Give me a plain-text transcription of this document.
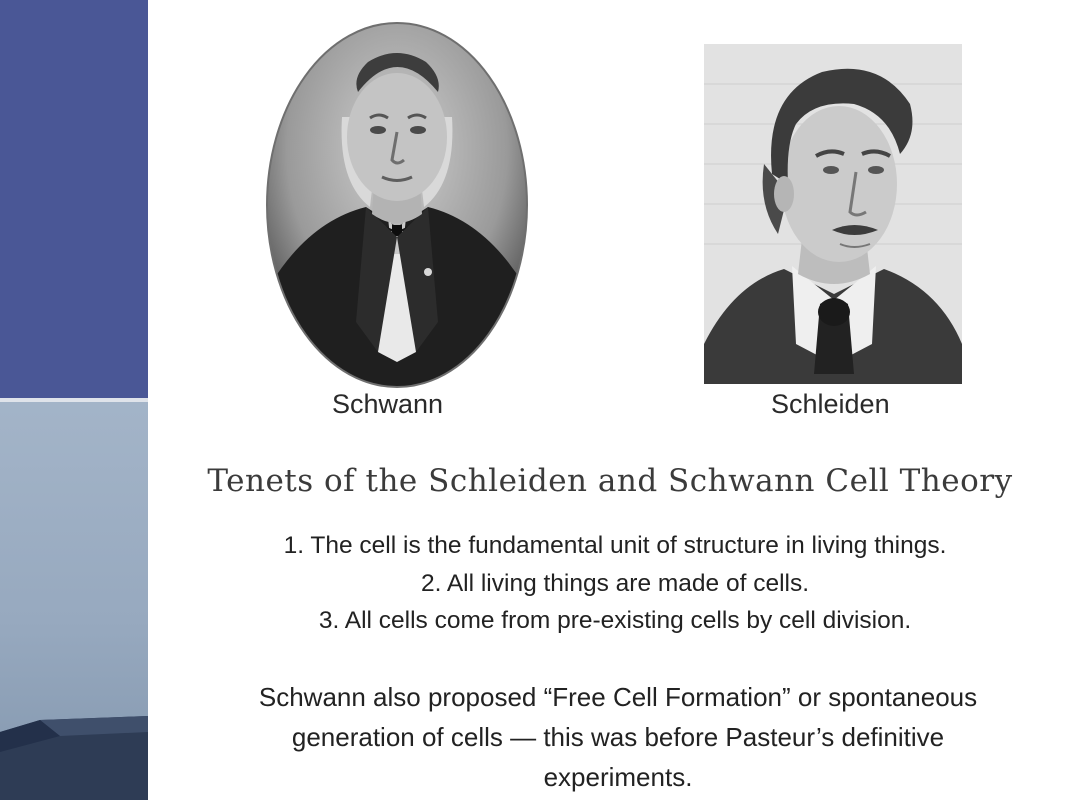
Schwann	Schleiden
Tenets of the Schleiden and Schwann Cell Theory
1. The cell is the fundamental unit of structure in living things.
2. All living things are made of cells.
3. All cells come from pre-existing cells by cell division.
Schwann also proposed “Free Cell Formation” or spontaneous
generation of cells — this was before Pasteur’s definitive
experiments.
